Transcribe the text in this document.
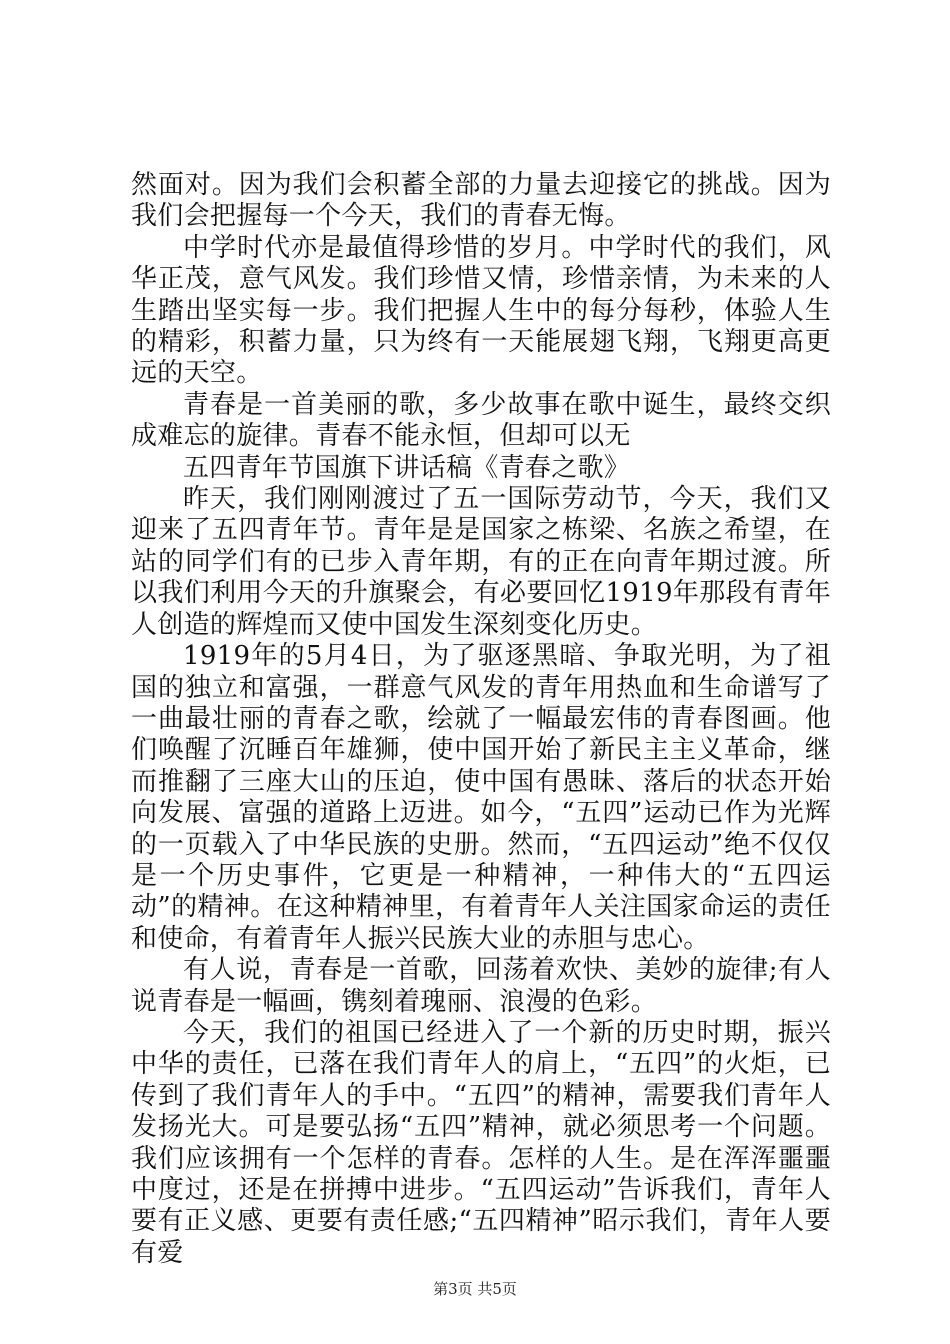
然面对。因为我们会积蓄全部的力量去迎接它的挑战。因为我们会把握每一个今天，我们的青春无悔。

中学时代亦是最值得珍惜的岁月。中学时代的我们，风华正茂，意气风发。我们珍惜又情，珍惜亲情，为未来的人生踏出坚实每一步。我们把握人生中的每分每秒，体验人生的精彩，积蓄力量，只为终有一天能展翅飞翔，飞翔更高更远的天空。

青春是一首美丽的歌，多少故事在歌中诞生，最终交织成难忘的旋律。青春不能永恒，但却可以无

五四青年节国旗下讲话稿《青春之歌》

昨天，我们刚刚渡过了五一国际劳动节，今天，我们又迎来了五四青年节。青年是是国家之栋梁、名族之希望，在站的同学们有的已步入青年期，有的正在向青年期过渡。所以我们利用今天的升旗聚会，有必要回忆1919年那段有青年人创造的辉煌而又使中国发生深刻变化历史。

1919年的5月4日，为了驱逐黑暗、争取光明，为了祖国的独立和富强，一群意气风发的青年用热血和生命谱写了一曲最壮丽的青春之歌，绘就了一幅最宏伟的青春图画。他们唤醒了沉睡百年雄狮，使中国开始了新民主主义革命，继而推翻了三座大山的压迫，使中国有愚昧、落后的状态开始向发展、富强的道路上迈进。如今，“五四”运动已作为光辉的一页载入了中华民族的史册。然而，“五四运动”绝不仅仅是一个历史事件，它更是一种精神，一种伟大的“五四运动”的精神。在这种精神里，有着青年人关注国家命运的责任和使命，有着青年人振兴民族大业的赤胆与忠心。

有人说，青春是一首歌，回荡着欢快、美妙的旋律;有人说青春是一幅画，镌刻着瑰丽、浪漫的色彩。

今天，我们的祖国已经进入了一个新的历史时期，振兴中华的责任，已落在我们青年人的肩上，“五四”的火炬，已传到了我们青年人的手中。“五四”的精神，需要我们青年人发扬光大。可是要弘扬“五四”精神，就必须思考一个问题。我们应该拥有一个怎样的青春。怎样的人生。是在浑浑噩噩中度过，还是在拼搏中进步。“五四运动”告诉我们，青年人要有正义感、更要有责任感;“五四精神”昭示我们，青年人要有爱

第3页 共5页
